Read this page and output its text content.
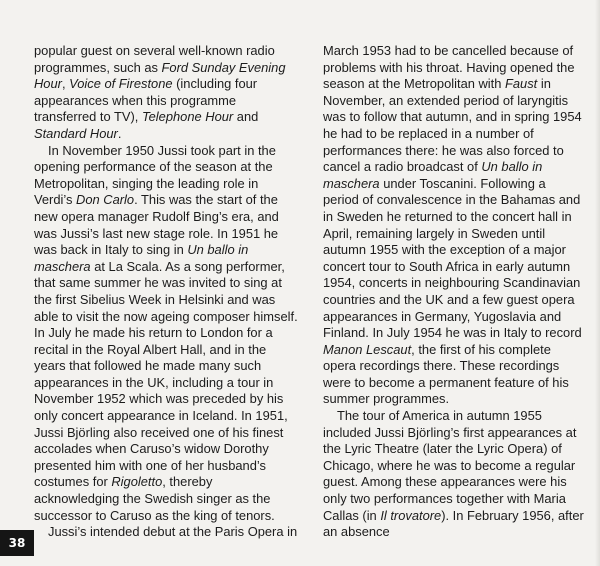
popular guest on several well-known radio programmes, such as Ford Sunday Evening Hour, Voice of Firestone (including four appearances when this programme transferred to TV), Telephone Hour and Standard Hour.

In November 1950 Jussi took part in the opening performance of the season at the Metropolitan, singing the leading role in Verdi’s Don Carlo. This was the start of the new opera manager Rudolf Bing’s era, and was Jussi’s last new stage role. In 1951 he was back in Italy to sing in Un ballo in maschera at La Scala. As a song performer, that same summer he was invited to sing at the first Sibelius Week in Helsinki and was able to visit the now ageing composer himself. In July he made his return to London for a recital in the Royal Albert Hall, and in the years that followed he made many such appearances in the UK, including a tour in November 1952 which was preceded by his only concert appearance in Iceland. In 1951, Jussi Björling also received one of his finest accolades when Caruso’s widow Dorothy presented him with one of her husband’s costumes for Rigoletto, thereby acknowledging the Swedish singer as the successor to Caruso as the king of tenors.

Jussi’s intended debut at the Paris Opera in

March 1953 had to be cancelled because of problems with his throat. Having opened the season at the Metropolitan with Faust in November, an extended period of laryngitis was to follow that autumn, and in spring 1954 he had to be replaced in a number of performances there: he was also forced to cancel a radio broadcast of Un ballo in maschera under Toscanini. Following a period of convalescence in the Bahamas and in Sweden he returned to the concert hall in April, remaining largely in Sweden until autumn 1955 with the exception of a major concert tour to South Africa in early autumn 1954, concerts in neighbouring Scandinavian countries and the UK and a few guest opera appearances in Germany, Yugoslavia and Finland. In July 1954 he was in Italy to record Manon Lescaut, the first of his complete opera recordings there. These recordings were to become a permanent feature of his summer programmes.

The tour of America in autumn 1955 included Jussi Björling’s first appearances at the Lyric Theatre (later the Lyric Opera) of Chicago, where he was to become a regular guest. Among these appearances were his only two performances together with Maria Callas (in Il trovatore). In February 1956, after an absence

38
